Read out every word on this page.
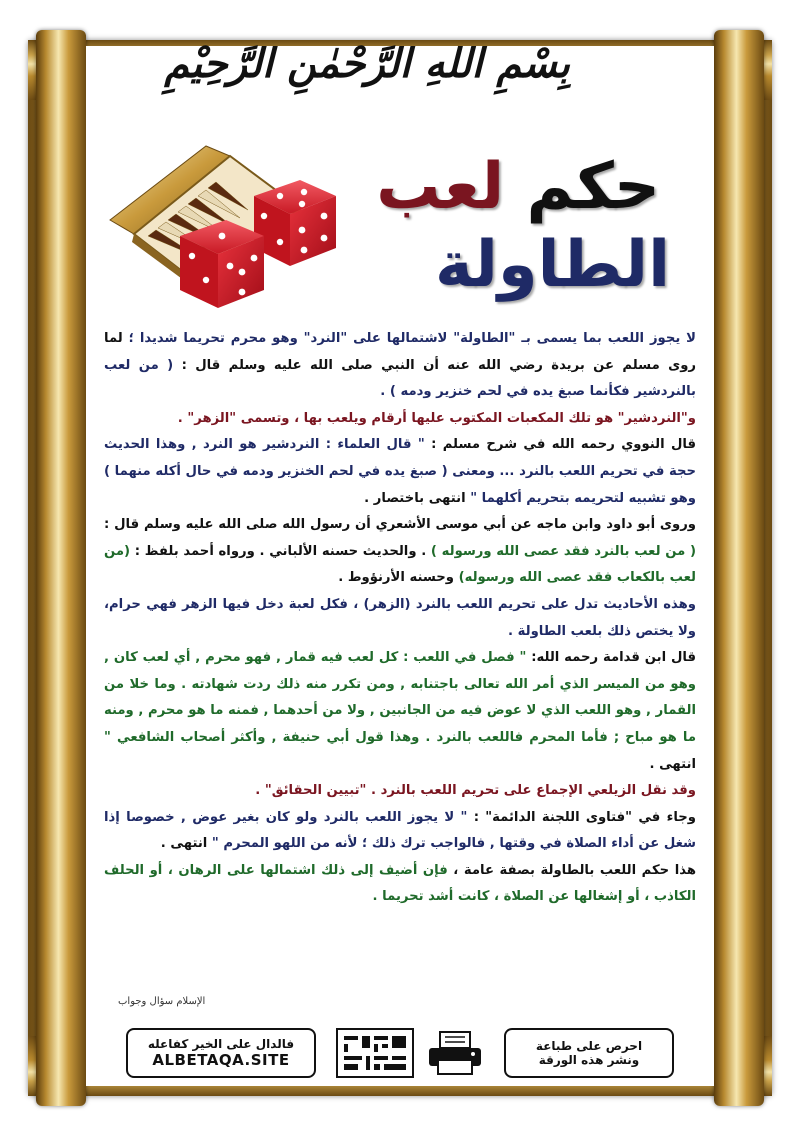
بِسْمِ اللهِ الرَّحْمٰنِ الرَّحِيْمِ
حكم لعب
الطاولة

لا يجوز اللعب بما يسمى بـ "الطاولة" لاشتمالها على "النرد" وهو محرم تحريما شديدا ؛ لما روى مسلم عن بريدة رضي الله عنه أن النبي صلى الله عليه وسلم قال : ( من لعب بالنردشير فكأنما صبغ يده في لحم خنزير ودمه ) .

و"النردشير" هو تلك المكعبات المكتوب عليها أرقام ويلعب بها ، وتسمى "الزهر" .

قال النووي رحمه الله في شرح مسلم : " قال العلماء : النردشير هو النرد , وهذا الحديث حجة في تحريم اللعب بالنرد ... ومعنى ( صبغ يده في لحم الخنزير ودمه في حال أكله منهما ) وهو تشبيه لتحريمه بتحريم أكلهما " انتهى باختصار .

وروى أبو داود وابن ماجه عن أبي موسى الأشعري أن رسول الله صلى الله عليه وسلم قال : ( من لعب بالنرد فقد عصى الله ورسوله ) . والحديث حسنه الألباني . ورواه أحمد بلفظ : (من لعب بالكعاب فقد عصى الله ورسوله) وحسنه الأرنؤوط .

وهذه الأحاديث تدل على تحريم اللعب بالنرد (الزهر) ، فكل لعبة دخل فيها الزهر فهي حرام، ولا يختص ذلك بلعب الطاولة .

قال ابن قدامة رحمه الله: " فصل في اللعب : كل لعب فيه قمار , فهو محرم , أي لعب كان , وهو من الميسر الذي أمر الله تعالى باجتنابه , ومن تكرر منه ذلك ردت شهادته . وما خلا من القمار , وهو اللعب الذي لا عوض فيه من الجانبين , ولا من أحدهما , فمنه ما هو محرم , ومنه ما هو مباح ; فأما المحرم فاللعب بالنرد . وهذا قول أبي حنيفة , وأكثر أصحاب الشافعي " انتهى .

وقد نقل الزيلعي الإجماع على تحريم اللعب بالنرد . "تبيين الحقائق" .

وجاء في "فتاوى اللجنة الدائمة" : " لا يجوز اللعب بالنرد ولو كان بغير عوض , خصوصا إذا شغل عن أداء الصلاة في وقتها , فالواجب ترك ذلك ؛ لأنه من اللهو المحرم " انتهى .

هذا حكم اللعب بالطاولة بصفة عامة ، فإن أضيف إلى ذلك اشتمالها على الرهان ، أو الحلف الكاذب ، أو إشغالها عن الصلاة ، كانت أشد تحريما .

الإسلام سؤال وجواب
فالدال على الخير كفاعله
ALBETAQA.SITE
احرص على طباعة
ونشر هذه الورقة
